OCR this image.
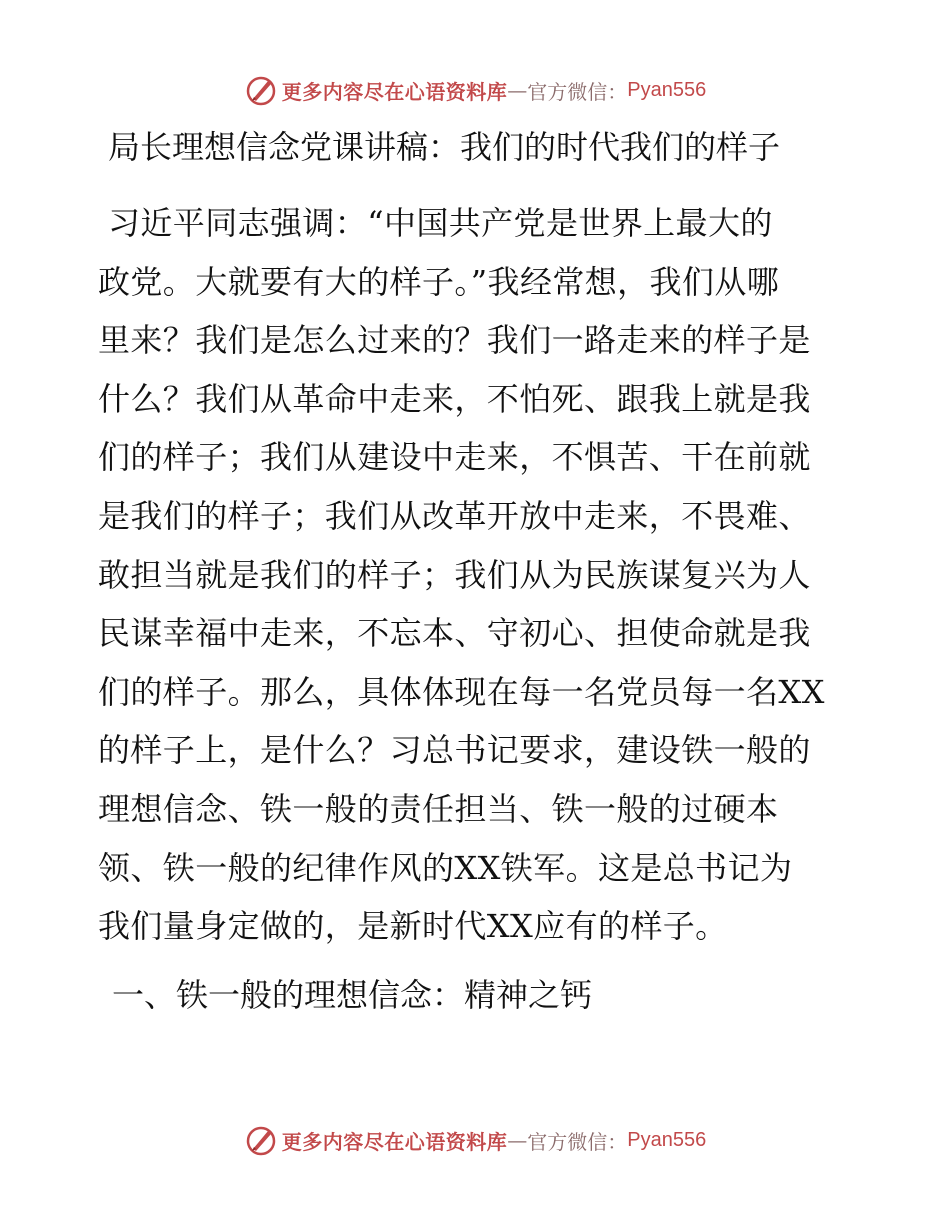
更多内容尽在心语资料库 — 官方微信： Pyan556
局长理想信念党课讲稿：我们的时代我们的样子
习近平同志强调：“中国共产党是世界上最大的
政党。大就要有大的样子。”我经常想，我们从哪
里来？我们是怎么过来的？我们一路走来的样子是
什么？我们从革命中走来，不怕死、跟我上就是我
们的样子；我们从建设中走来，不惧苦、干在前就
是我们的样子；我们从改革开放中走来，不畏难、
敢担当就是我们的样子；我们从为民族谋复兴为人
民谋幸福中走来，不忘本、守初心、担使命就是我
们的样子。那么，具体体现在每一名党员每一名XX
的样子上，是什么？习总书记要求，建设铁一般的
理想信念、铁一般的责任担当、铁一般的过硬本
领、铁一般的纪律作风的XX铁军。这是总书记为
我们量身定做的，是新时代XX应有的样子。
一、铁一般的理想信念：精神之钙
更多内容尽在心语资料库 — 官方微信： Pyan556
